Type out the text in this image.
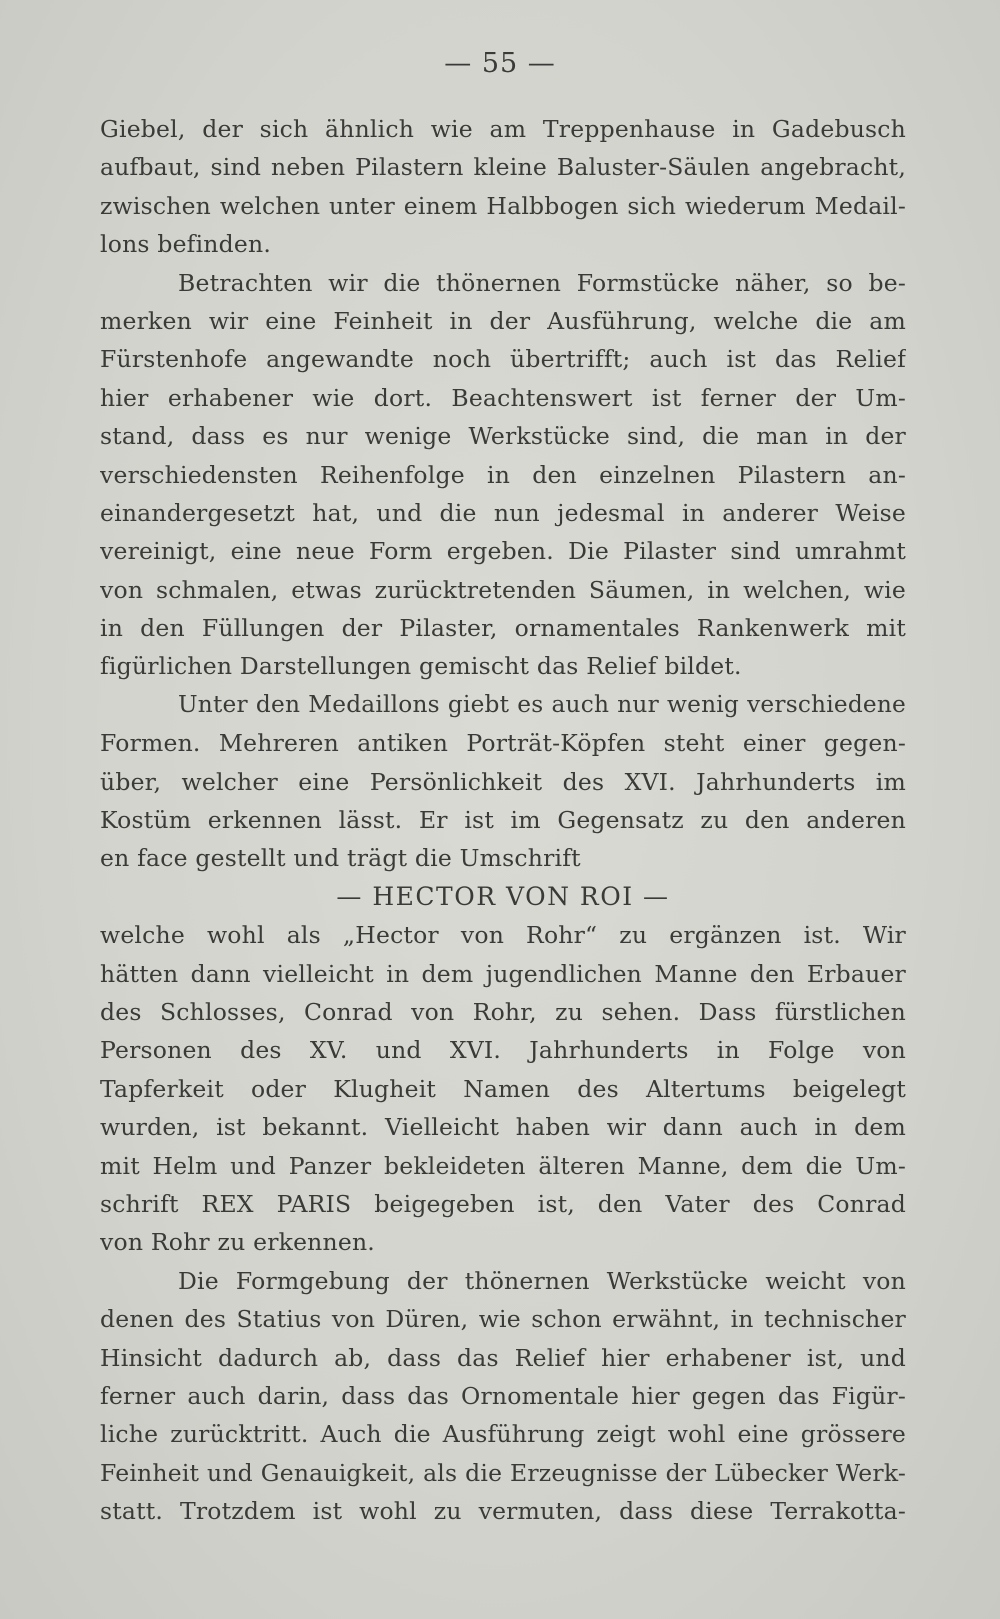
— 55 —
Giebel, der sich ähnlich wie am Treppenhause in Gadebusch
aufbaut, sind neben Pilastern kleine Baluster-Säulen angebracht,
zwischen welchen unter einem Halbbogen sich wiederum Medail-
lons befinden.
Betrachten wir die thönernen Formstücke näher, so be-
merken wir eine Feinheit in der Ausführung, welche die am
Fürstenhofe angewandte noch übertrifft; auch ist das Relief
hier erhabener wie dort. Beachtenswert ist ferner der Um-
stand, dass es nur wenige Werkstücke sind, die man in der
verschiedensten Reihenfolge in den einzelnen Pilastern an-
einandergesetzt hat, und die nun jedesmal in anderer Weise
vereinigt, eine neue Form ergeben. Die Pilaster sind umrahmt
von schmalen, etwas zurücktretenden Säumen, in welchen, wie
in den Füllungen der Pilaster, ornamentales Rankenwerk mit
figürlichen Darstellungen gemischt das Relief bildet.
Unter den Medaillons giebt es auch nur wenig verschiedene
Formen. Mehreren antiken Porträt-Köpfen steht einer gegen-
über, welcher eine Persönlichkeit des XVI. Jahrhunderts im
Kostüm erkennen lässt. Er ist im Gegensatz zu den anderen
en face gestellt und trägt die Umschrift
— HECTOR VON ROI —
welche wohl als „Hector von Rohr“ zu ergänzen ist. Wir
hätten dann vielleicht in dem jugendlichen Manne den Erbauer
des Schlosses, Conrad von Rohr, zu sehen. Dass fürstlichen
Personen des XV. und XVI. Jahrhunderts in Folge von
Tapferkeit oder Klugheit Namen des Altertums beigelegt
wurden, ist bekannt. Vielleicht haben wir dann auch in dem
mit Helm und Panzer bekleideten älteren Manne, dem die Um-
schrift REX PARIS beigegeben ist, den Vater des Conrad
von Rohr zu erkennen.
Die Formgebung der thönernen Werkstücke weicht von
denen des Statius von Düren, wie schon erwähnt, in technischer
Hinsicht dadurch ab, dass das Relief hier erhabener ist, und
ferner auch darin, dass das Ornomentale hier gegen das Figür-
liche zurücktritt. Auch die Ausführung zeigt wohl eine grössere
Feinheit und Genauigkeit, als die Erzeugnisse der Lübecker Werk-
statt. Trotzdem ist wohl zu vermuten, dass diese Terrakotta-
